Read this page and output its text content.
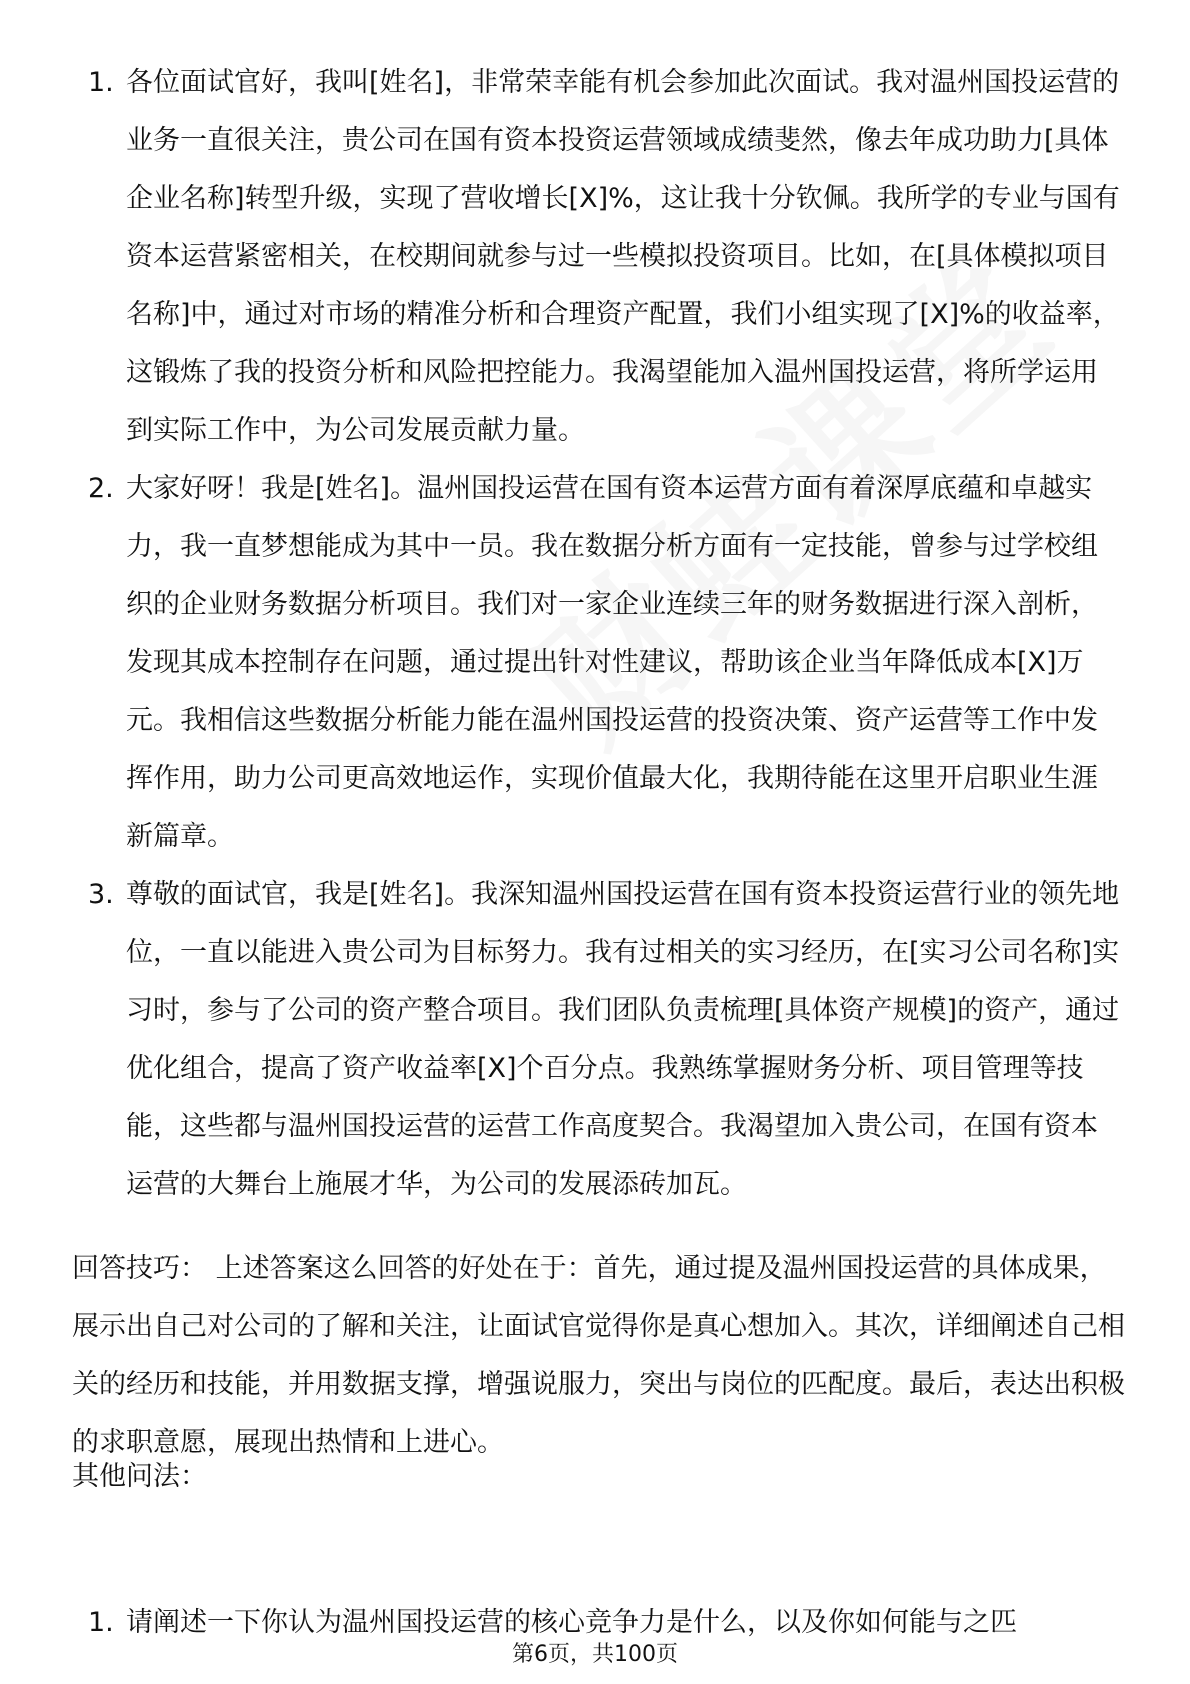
1. 各位面试官好，我叫[姓名]，非常荣幸能有机会参加此次面试。我对温州国投运营的业务一直很关注，贵公司在国有资本投资运营领域成绩斐然，像去年成功助力[具体企业名称]转型升级，实现了营收增长[X]%，这让我十分钦佩。我所学的专业与国有资本运营紧密相关，在校期间就参与过一些模拟投资项目。比如，在[具体模拟项目名称]中，通过对市场的精准分析和合理资产配置，我们小组实现了[X]%的收益率，这锻炼了我的投资分析和风险把控能力。我渴望能加入温州国投运营，将所学运用到实际工作中，为公司发展贡献力量。
2. 大家好呀！我是[姓名]。温州国投运营在国有资本运营方面有着深厚底蕴和卓越实力，我一直梦想能成为其中一员。我在数据分析方面有一定技能，曾参与过学校组织的企业财务数据分析项目。我们对一家企业连续三年的财务数据进行深入剖析，发现其成本控制存在问题，通过提出针对性建议，帮助该企业当年降低成本[X]万元。我相信这些数据分析能力能在温州国投运营的投资决策、资产运营等工作中发挥作用，助力公司更高效地运作，实现价值最大化，我期待能在这里开启职业生涯新篇章。
3. 尊敬的面试官，我是[姓名]。我深知温州国投运营在国有资本投资运营行业的领先地位，一直以能进入贵公司为目标努力。我有过相关的实习经历，在[实习公司名称]实习时，参与了公司的资产整合项目。我们团队负责梳理[具体资产规模]的资产，通过优化组合，提高了资产收益率[X]个百分点。我熟练掌握财务分析、项目管理等技能，这些都与温州国投运营的运营工作高度契合。我渴望加入贵公司，在国有资本运营的大舞台上施展才华，为公司的发展添砖加瓦。
回答技巧： 上述答案这么回答的好处在于：首先，通过提及温州国投运营的具体成果，展示出自己对公司的了解和关注，让面试官觉得你是真心想加入。其次，详细阐述自己相关的经历和技能，并用数据支撑，增强说服力，突出与岗位的匹配度。最后，表达出积极的求职意愿，展现出热情和上进心。
其他问法：
1. 请阐述一下你认为温州国投运营的核心竞争力是什么，以及你如何能与之匹
第6页，共100页
